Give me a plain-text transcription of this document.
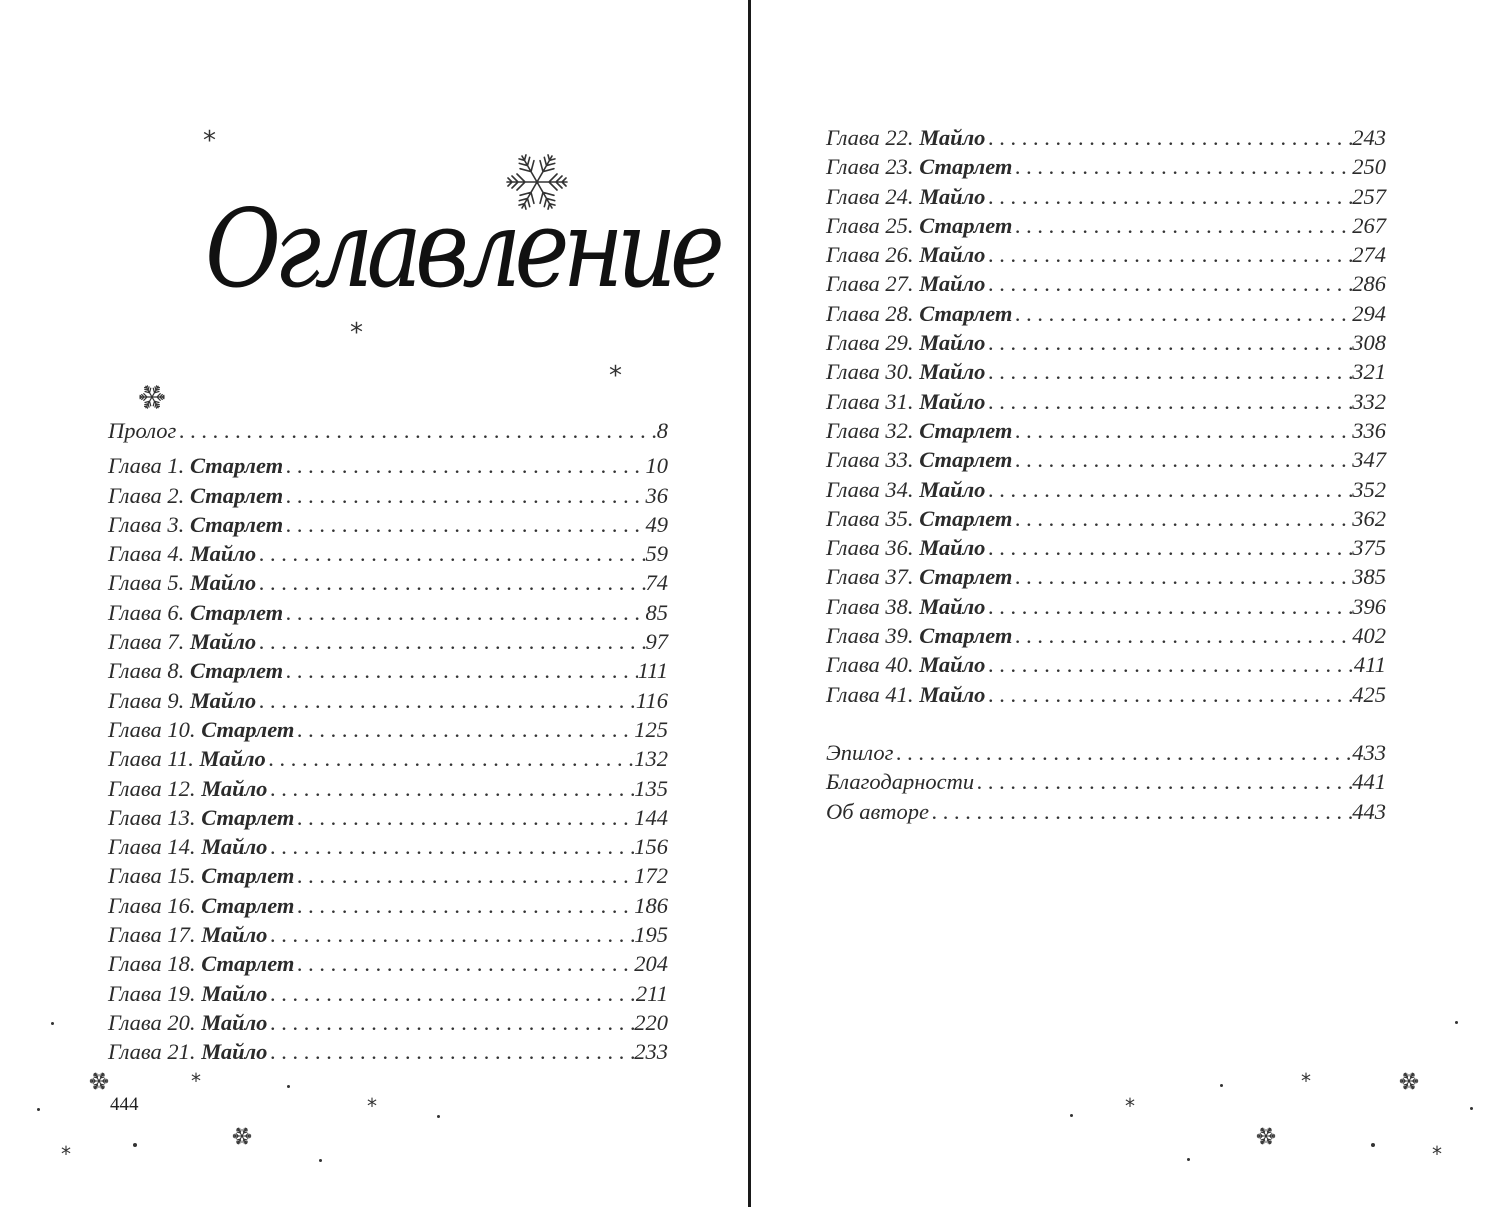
Оглавление
Пролог . . .	8
Глава 1. Старлет . . .	10
Глава 2. Старлет . . .	36
Глава 3. Старлет . . .	49
Глава 4. Майло . . .	59
Глава 5. Майло . . .	74
Глава 6. Старлет . . .	85
Глава 7. Майло . . .	97
Глава 8. Старлет . . .	111
Глава 9. Майло . . .	116
Глава 10. Старлет . . .	125
Глава 11. Майло . . .	132
Глава 12. Майло . . .	135
Глава 13. Старлет . . .	144
Глава 14. Майло . . .	156
Глава 15. Старлет . . .	172
Глава 16. Старлет . . .	186
Глава 17. Майло . . .	195
Глава 18. Старлет . . .	204
Глава 19. Майло . . .	211
Глава 20. Майло . . .	220
Глава 21. Майло . . .	233
444
*
*
*
*
*
*
Глава 22. Майло . . .	243
Глава 23. Старлет . . .	250
Глава 24. Майло . . .	257
Глава 25. Старлет . . .	267
Глава 26. Майло . . .	274
Глава 27. Майло . . .	286
Глава 28. Старлет . . .	294
Глава 29. Майло . . .	308
Глава 30. Майло . . .	321
Глава 31. Майло . . .	332
Глава 32. Старлет . . .	336
Глава 33. Старлет . . .	347
Глава 34. Майло . . .	352
Глава 35. Старлет . . .	362
Глава 36. Майло . . .	375
Глава 37. Старлет . . .	385
Глава 38. Майло . . .	396
Глава 39. Старлет . . .	402
Глава 40. Майло . . .	411
Глава 41. Майло . . .	425
Эпилог . . .	433
Благодарности . . .	441
Об авторе . . .	443
*
*
*
